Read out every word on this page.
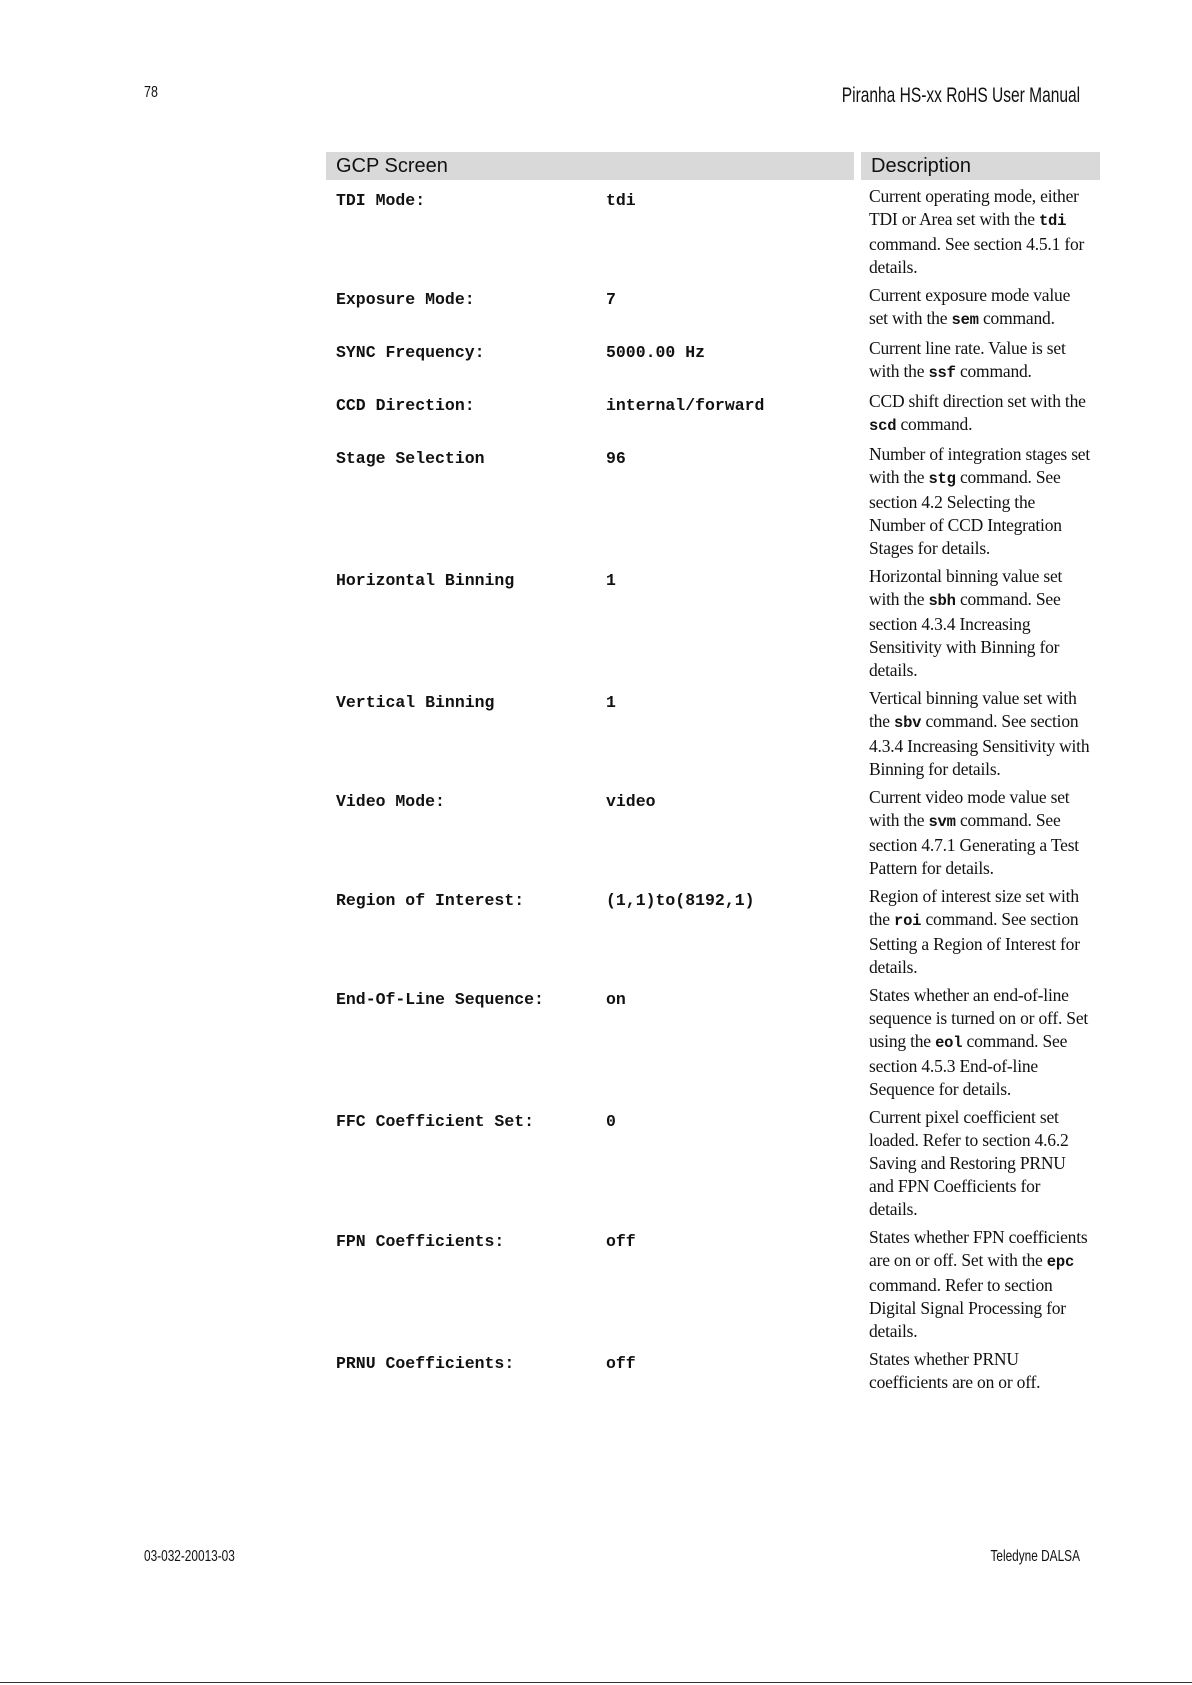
78	Piranha HS-xx RoHS User Manual
GCP Screen	Description
TDI Mode:	tdi	Current operating mode, either TDI or Area set with the tdi command. See section 4.5.1 for details.
Exposure Mode:	7	Current exposure mode value set with the sem command.
SYNC Frequency:	5000.00 Hz	Current line rate. Value is set with the ssf command.
CCD Direction:	internal/forward	CCD shift direction set with the scd command.
Stage Selection	96	Number of integration stages set with the stg command. See section 4.2 Selecting the Number of CCD Integration Stages for details.
Horizontal Binning	1	Horizontal binning value set with the sbh command. See section 4.3.4 Increasing Sensitivity with Binning for details.
Vertical Binning	1	Vertical binning value set with the sbv command. See section 4.3.4 Increasing Sensitivity with Binning for details.
Video Mode:	video	Current video mode value set with the svm command. See section 4.7.1 Generating a Test Pattern for details.
Region of Interest:	(1,1)to(8192,1)	Region of interest size set with the roi command. See section Setting a Region of Interest for details.
End-Of-Line Sequence:	on	States whether an end-of-line sequence is turned on or off. Set using the eol command. See section 4.5.3 End-of-line Sequence for details.
FFC Coefficient Set:	0	Current pixel coefficient set loaded. Refer to section 4.6.2 Saving and Restoring PRNU and FPN Coefficients for details.
FPN Coefficients:	off	States whether FPN coefficients are on or off. Set with the epc command. Refer to section Digital Signal Processing for details.
PRNU Coefficients:	off	States whether PRNU coefficients are on or off.
03-032-20013-03	Teledyne DALSA
